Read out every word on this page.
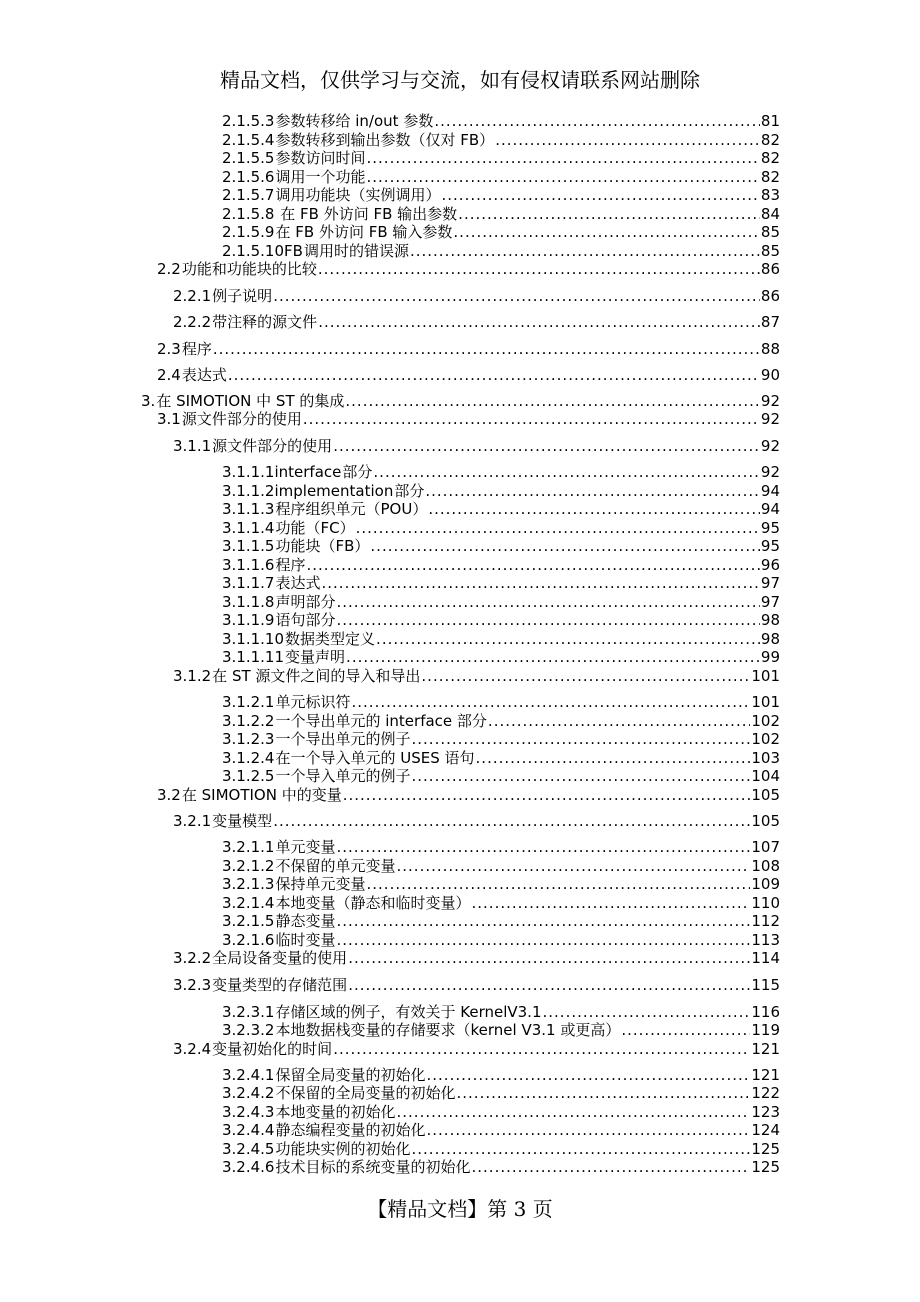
精品文档，仅供学习与交流，如有侵权请联系网站删除
2.1.5.3参数转移给 in/out 参数 .....	81
2.1.5.4参数转移到输出参数（仅对 FB） .....	82
2.1.5.5参数访问时间 .....	82
2.1.5.6调用一个功能 .....	82
2.1.5.7调用功能块（实例调用） .....	83
2.1.5.8 在 FB 外访问 FB 输出参数 .....	84
2.1.5.9在 FB 外访问 FB 输入参数 .....	85
2.1.5.10FB调用时的错误源 .....	85
2.2功能和功能块的比较 .....	86
2.2.1例子说明 .....	86
2.2.2带注释的源文件 .....	87
2.3程序 .....	88
2.4表达式 .....	90
3.在 SIMOTION 中 ST 的集成 .....	92
3.1源文件部分的使用 .....	92
3.1.1源文件部分的使用 .....	92
3.1.1.1interface部分 .....	92
3.1.1.2implementation部分 .....	94
3.1.1.3程序组织单元（POU） .....	94
3.1.1.4功能（FC） .....	95
3.1.1.5功能块（FB） .....	95
3.1.1.6程序 .....	96
3.1.1.7表达式 .....	97
3.1.1.8声明部分 .....	97
3.1.1.9语句部分 .....	98
3.1.1.10数据类型定义 .....	98
3.1.1.11变量声明 .....	99
3.1.2在 ST 源文件之间的导入和导出 .....	101
3.1.2.1单元标识符 .....	101
3.1.2.2一个导出单元的 interface 部分 .....	102
3.1.2.3一个导出单元的例子 .....	102
3.1.2.4在一个导入单元的 USES 语句 .....	103
3.1.2.5一个导入单元的例子 .....	104
3.2在 SIMOTION 中的变量 .....	105
3.2.1变量模型 .....	105
3.2.1.1单元变量 .....	107
3.2.1.2不保留的单元变量 .....	108
3.2.1.3保持单元变量 .....	109
3.2.1.4本地变量（静态和临时变量） .....	110
3.2.1.5静态变量 .....	112
3.2.1.6临时变量 .....	113
3.2.2全局设备变量的使用 .....	114
3.2.3变量类型的存储范围 .....	115
3.2.3.1存储区域的例子，有效关于 KernelV3.1 .....	116
3.2.3.2本地数据栈变量的存储要求（kernel V3.1 或更高） .....	119
3.2.4变量初始化的时间 .....	121
3.2.4.1保留全局变量的初始化 .....	121
3.2.4.2不保留的全局变量的初始化 .....	122
3.2.4.3本地变量的初始化 .....	123
3.2.4.4静态编程变量的初始化 .....	124
3.2.4.5功能块实例的初始化 .....	125
3.2.4.6技术目标的系统变量的初始化 .....	125
【精品文档】第 3 页
